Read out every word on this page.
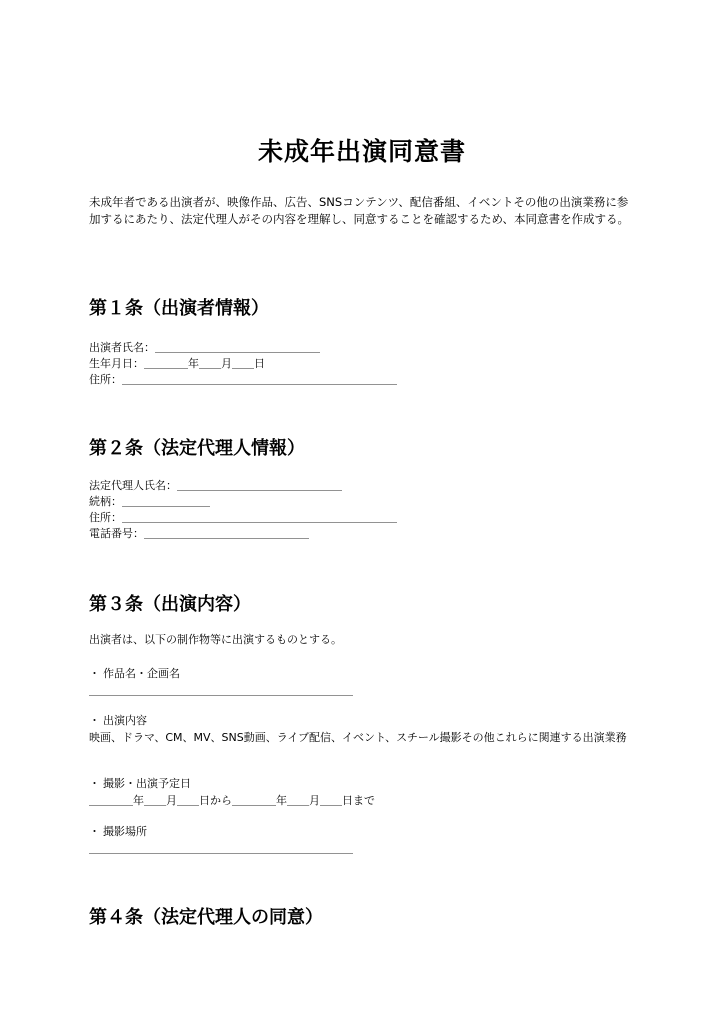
未成年出演同意書

未成年者である出演者が、映像作品、広告、SNSコンテンツ、配信番組、イベントその他の出演業務に参加するにあたり、法定代理人がその内容を理解し、同意することを確認するため、本同意書を作成する。

第１条（出演者情報）

出演者氏名：＿＿＿＿＿＿＿＿＿＿＿＿＿＿＿

生年月日：＿＿＿＿年＿＿月＿＿日

住所：＿＿＿＿＿＿＿＿＿＿＿＿＿＿＿＿＿＿＿＿＿＿＿＿＿

第２条（法定代理人情報）

法定代理人氏名：＿＿＿＿＿＿＿＿＿＿＿＿＿＿＿

続柄：＿＿＿＿＿＿＿＿

住所：＿＿＿＿＿＿＿＿＿＿＿＿＿＿＿＿＿＿＿＿＿＿＿＿＿

電話番号：＿＿＿＿＿＿＿＿＿＿＿＿＿＿＿

第３条（出演内容）

出演者は、以下の制作物等に出演するものとする。

・ 作品名・企画名
＿＿＿＿＿＿＿＿＿＿＿＿＿＿＿＿＿＿＿＿＿＿＿＿
・ 出演内容
映画、ドラマ、CM、MV、SNS動画、ライブ配信、イベント、スチール撮影その他これらに関連する出演業務
・ 撮影・出演予定日
＿＿＿＿年＿＿月＿＿日から＿＿＿＿年＿＿月＿＿日まで
・ 撮影場所
＿＿＿＿＿＿＿＿＿＿＿＿＿＿＿＿＿＿＿＿＿＿＿＿
第４条（法定代理人の同意）
